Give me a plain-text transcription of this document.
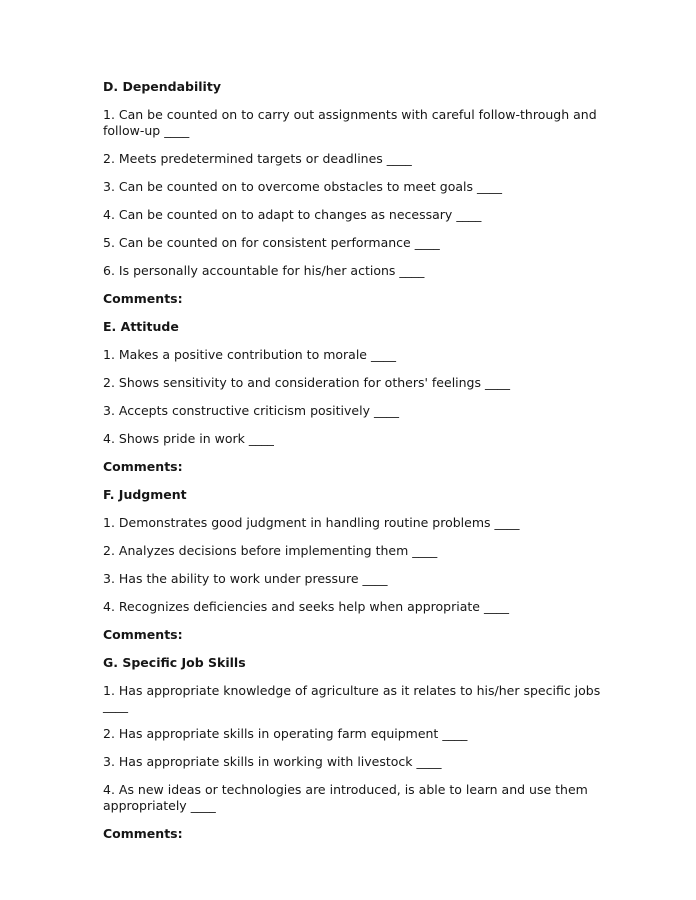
D. Dependability

1. Can be counted on to carry out assignments with careful follow-through and
follow-up ____

2. Meets predetermined targets or deadlines ____

3. Can be counted on to overcome obstacles to meet goals ____

4. Can be counted on to adapt to changes as necessary ____

5. Can be counted on for consistent performance ____

6. Is personally accountable for his/her actions ____

Comments:

E. Attitude

1. Makes a positive contribution to morale ____

2. Shows sensitivity to and consideration for others' feelings ____

3. Accepts constructive criticism positively ____

4. Shows pride in work ____

Comments:

F. Judgment

1. Demonstrates good judgment in handling routine problems ____

2. Analyzes decisions before implementing them ____

3. Has the ability to work under pressure ____

4. Recognizes deficiencies and seeks help when appropriate ____

Comments:

G. Specific Job Skills

1. Has appropriate knowledge of agriculture as it relates to his/her specific jobs ____

2. Has appropriate skills in operating farm equipment ____

3. Has appropriate skills in working with livestock ____

4. As new ideas or technologies are introduced, is able to learn and use them
appropriately ____

Comments:
